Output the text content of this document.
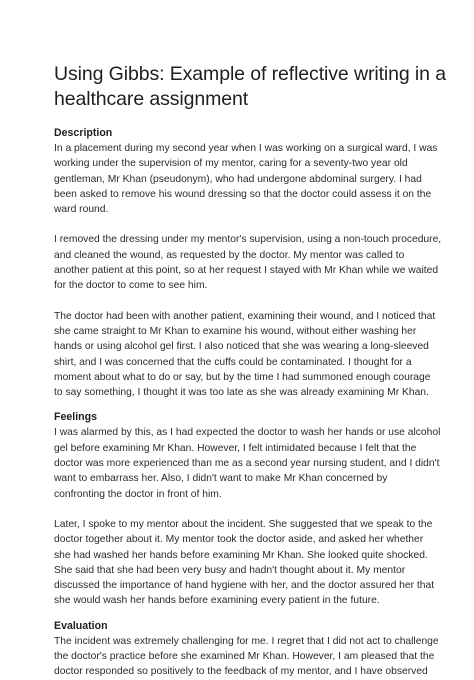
Using Gibbs: Example of reflective writing in a
healthcare assignment
Description

In a placement during my second year when I was working on a surgical ward, I was
working under the supervision of my mentor, caring for a seventy-two year old
gentleman, Mr Khan (pseudonym), who had undergone abdominal surgery. I had
been asked to remove his wound dressing so that the doctor could assess it on the
ward round.

I removed the dressing under my mentor's supervision, using a non-touch procedure,
and cleaned the wound, as requested by the doctor. My mentor was called to
another patient at this point, so at her request I stayed with Mr Khan while we waited
for the doctor to come to see him.

The doctor had been with another patient, examining their wound, and I noticed that
she came straight to Mr Khan to examine his wound, without either washing her
hands or using alcohol gel first. I also noticed that she was wearing a long-sleeved
shirt, and I was concerned that the cuffs could be contaminated. I thought for a
moment about what to do or say, but by the time I had summoned enough courage
to say something, I thought it was too late as she was already examining Mr Khan.

Feelings

I was alarmed by this, as I had expected the doctor to wash her hands or use alcohol
gel before examining Mr Khan. However, I felt intimidated because I felt that the
doctor was more experienced than me as a second year nursing student, and I didn't
want to embarrass her. Also, I didn't want to make Mr Khan concerned by
confronting the doctor in front of him.

Later, I spoke to my mentor about the incident. She suggested that we speak to the
doctor together about it. My mentor took the doctor aside, and asked her whether
she had washed her hands before examining Mr Khan. She looked quite shocked.
She said that she had been very busy and hadn't thought about it. My mentor
discussed the importance of hand hygiene with her, and the doctor assured her that
she would wash her hands before examining every patient in the future.

Evaluation

The incident was extremely challenging for me. I regret that I did not act to challenge
the doctor's practice before she examined Mr Khan. However, I am pleased that the
doctor responded so positively to the feedback of my mentor, and I have observed
